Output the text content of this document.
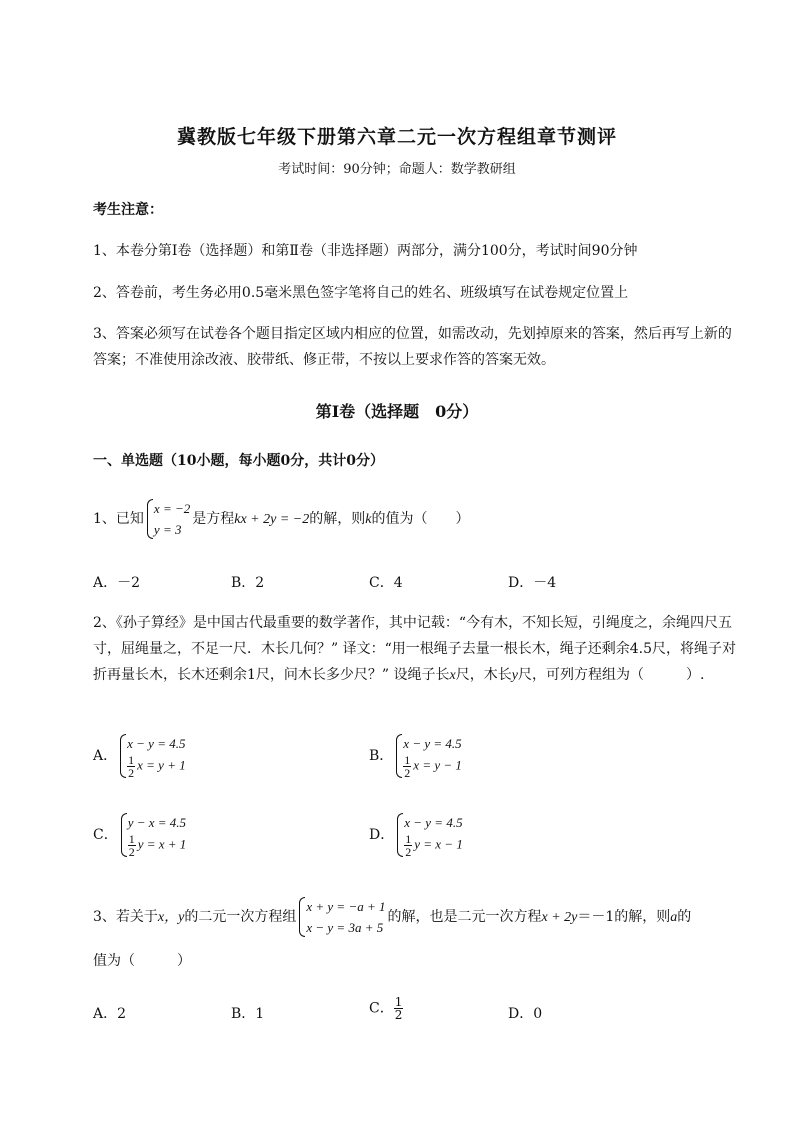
冀教版七年级下册第六章二元一次方程组章节测评
考试时间：90分钟；命题人：数学教研组
考生注意：
1、本卷分第I卷（选择题）和第Ⅱ卷（非选择题）两部分，满分100分，考试时间90分钟
2、答卷前，考生务必用0.5毫米黑色签字笔将自己的姓名、班级填写在试卷规定位置上
3、答案必须写在试卷各个题目指定区域内相应的位置，如需改动，先划掉原来的答案，然后再写上新的答案；不准使用涂改液、胶带纸、修正带，不按以上要求作答的答案无效。
第I卷（选择题　0分）
一、单选题（10小题，每小题0分，共计0分）
1、已知
x = −2
y = 3
是方程kx + 2y = −2的解，则k的值为（　　）
A．－2	B．2	C．4	D．－4
2、《孙子算经》是中国古代最重要的数学著作，其中记载：“今有木，不知长短，引绳度之，余绳四尺五寸，屈绳量之，不足一尺．木长几何？” 译文：“用一根绳子去量一根长木，绳子还剩余4.5尺，将绳子对折再量长木，长木还剩余1尺，问木长多少尺？” 设绳子长x尺，木长y尺，可列方程组为（　　　）.
A．
x − y = 4.5
$\frac{1}{2}$ x = y + 1
B．
x − y = 4.5
$\frac{1}{2}$ x = y − 1
C．
y − x = 4.5
$\frac{1}{2}$ y = x + 1
D．
x − y = 4.5
$\frac{1}{2}$ y = x − 1
3、若关于x，y的二元一次方程组
x + y = −a + 1
x − y = 3a + 5
的解，也是二元一次方程x + 2y＝－1的解，则a的
值为（　　　）
A．2	B．1	C． $\frac{1}{2}$	D．0
